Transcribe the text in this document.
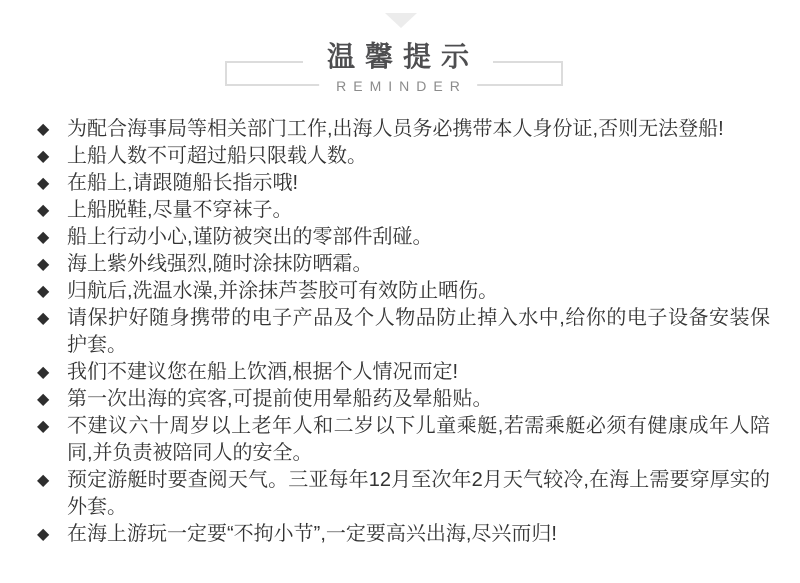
温馨提示
REMINDER
◆ 为配合海事局等相关部门工作,出海人员务必携带本人身份证,否则无法登船!
◆ 上船人数不可超过船只限载人数。
◆ 在船上,请跟随船长指示哦!
◆ 上船脱鞋,尽量不穿袜子。
◆ 船上行动小心,谨防被突出的零部件刮碰。
◆ 海上紫外线强烈,随时涂抹防晒霜。
◆ 归航后,洗温水澡,并涂抹芦荟胶可有效防止晒伤。
◆ 请保护好随身携带的电子产品及个人物品防止掉入水中,给你的电子设备安装保护套。
◆ 我们不建议您在船上饮酒,根据个人情况而定!
◆ 第一次出海的宾客,可提前使用晕船药及晕船贴。
◆ 不建议六十周岁以上老年人和二岁以下儿童乘艇,若需乘艇必须有健康成年人陪同,并负责被陪同人的安全。
◆ 预定游艇时要查阅天气。三亚每年12月至次年2月天气较冷,在海上需要穿厚实的外套。
◆ 在海上游玩一定要“不拘小节”,一定要高兴出海,尽兴而归!
